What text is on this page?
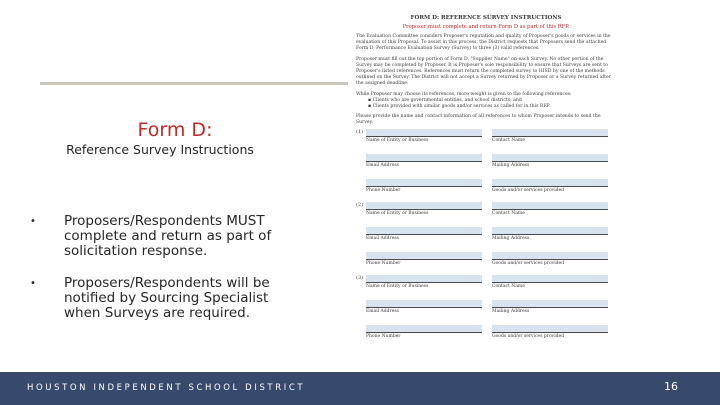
Form D:
Reference Survey Instructions
• Proposers/Respondents MUST complete and return as part of solicitation response.
• Proposers/Respondents will be notified by Sourcing Specialist when Surveys are required.
FORM D: REFERENCE SURVEY INSTRUCTIONS
Proposer must complete and return Form D as part of this RFP.
The Evaluation Committee considers Proposer's reputation and quality of Proposer's goods or services in the evaluation of this Proposal. To assist in this process, the District requests that Proposers send the attached Form D, Performance Evaluation Survey (Survey) to three (3) valid references.
Proposer must fill out the top portion of Form D, "Supplier Name" on each Survey. No other portion of the Survey may be completed by Proposer. It is Proposer's sole responsibility to ensure that Surveys are sent to Proposer's listed references. References must return the completed survey to HISD by one of the methods outlined on the Survey. The District will not accept a Survey returned by Proposer or a Survey returned after the assigned deadline.
While Proposer may choose its references, more weight is given to the following references:
▪ Clients who are governmental entities, and school districts; and
▪ Clients provided with similar goods and/or services as called for in this RFP.
Please provide the name and contact information of all references to whom Proposer intends to send the Survey.
(1)
Name of Entity or Business	Contact Name
Email Address	Mailing Address
Phone Number	Goods and/or services provided
(2)
Name of Entity or Business	Contact Name
Email Address	Mailing Address
Phone Number	Goods and/or services provided
(3)
Name of Entity or Business	Contact Name
Email Address	Mailing Address
Phone Number	Goods and/or services provided
HOUSTON INDEPENDENT SCHOOL DISTRICT	16
